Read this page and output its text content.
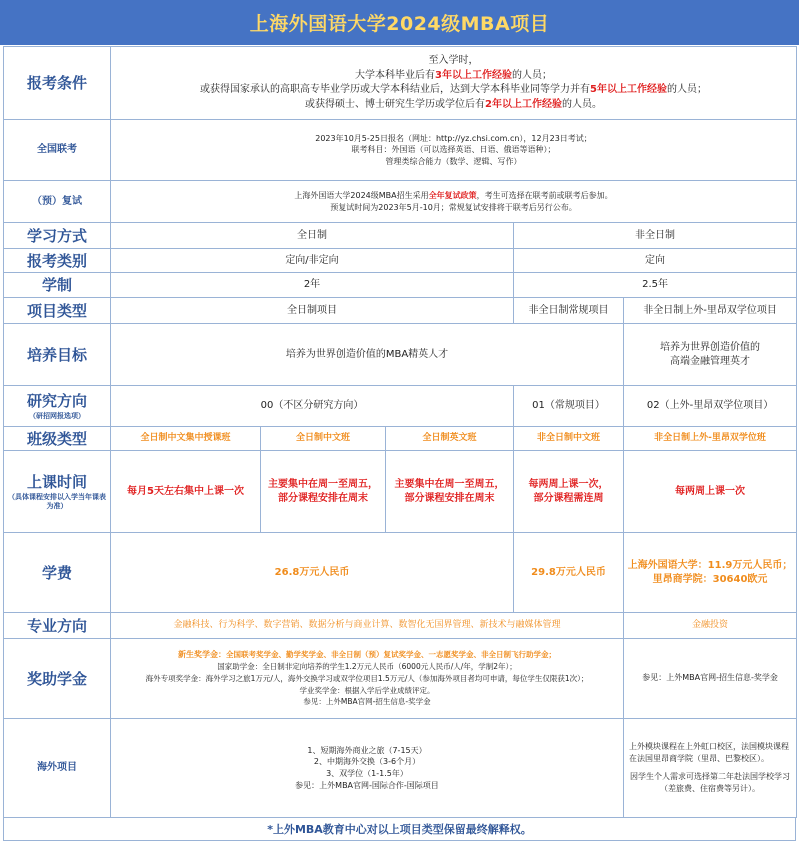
上海外国语大学2024级MBA项目
报考条件	至入学时，
大学本科毕业后有3年以上工作经验的人员；
或获得国家承认的高职高专毕业学历或大学本科结业后，达到大学本科毕业同等学力并有5年以上工作经验的人员；
或获得硕士、博士研究生学历或学位后有2年以上工作经验的人员。				

全国联考	2023年10月5-25日报名（网址：http://yz.chsi.com.cn），12月23日考试；
联考科目：外国语（可以选择英语、日语、俄语等语种）；
管理类综合能力（数学、逻辑、写作）				

（预）复试	上海外国语大学2024级MBA招生采用全年复试政策，考生可选择在联考前或联考后参加。
预复试时间为2023年5月-10月；常规复试安排将于联考后另行公布。				

学习方式	全日制			非全日制	
报考类别	定向/非定向			定向	
学制	2年			2.5年	
项目类型	全日制项目			非全日制常规项目	非全日制上外-里昂双学位项目
培养目标	培养为世界创造价值的MBA精英人才				培养为世界创造价值的
高端金融管理英才

研究方向
（研招网报选项）	00（不区分研究方向）			01（常规项目）	02（上外-里昂双学位项目）
班级类型	全日制中文集中授课班	全日制中文班	全日制英文班	非全日制中文班	非全日制上外-里昂双学位班
上课时间
（具体课程安排以入学当年课表为准）	每月5天左右集中上课一次	主要集中在周一至周五，
部分课程安排在周末	主要集中在周一至周五，
部分课程安排在周末	每两周上课一次，
部分课程需连周	每两周上课一次
学费	26.8万元人民币			29.8万元人民币	上海外国语大学：11.9万元人民币；
里昂商学院：30640欧元

专业方向	金融科技、行为科学、数字营销、数据分析与商业计算、数智化无国界管理、新技术与融媒体管理				金融投资
奖助学金	新生奖学金：全国联考奖学金、勤学奖学金、非全日制（预）复试奖学金、一志愿奖学金、非全日制飞行助学金；
国家助学金：全日制非定向培养的学生1.2万元人民币（6000元人民币/人/年，学制2年）；
海外专项奖学金：海外学习之旅1万元/人，海外交换学习或双学位项目1.5万元/人（参加海外项目者均可申请，每位学生仅限获1次）；
学业奖学金：根据入学后学业成绩评定。
参见：上外MBA官网-招生信息-奖学金				参见：上外MBA官网-招生信息-奖学金
海外项目	1、短期海外商业之旅（7-15天）
2、中期海外交换（3-6个月）
3、双学位（1-1.5年）
参见：上外MBA官网-国际合作-国际项目				上外模块课程在上外虹口校区，法国模块课程在法国里昂商学院（里昂、巴黎校区）。
因学生个人需求可选择第二年赴法国学校学习（差旅费、住宿费等另计）。
*上外MBA教育中心对以上项目类型保留最终解释权。
